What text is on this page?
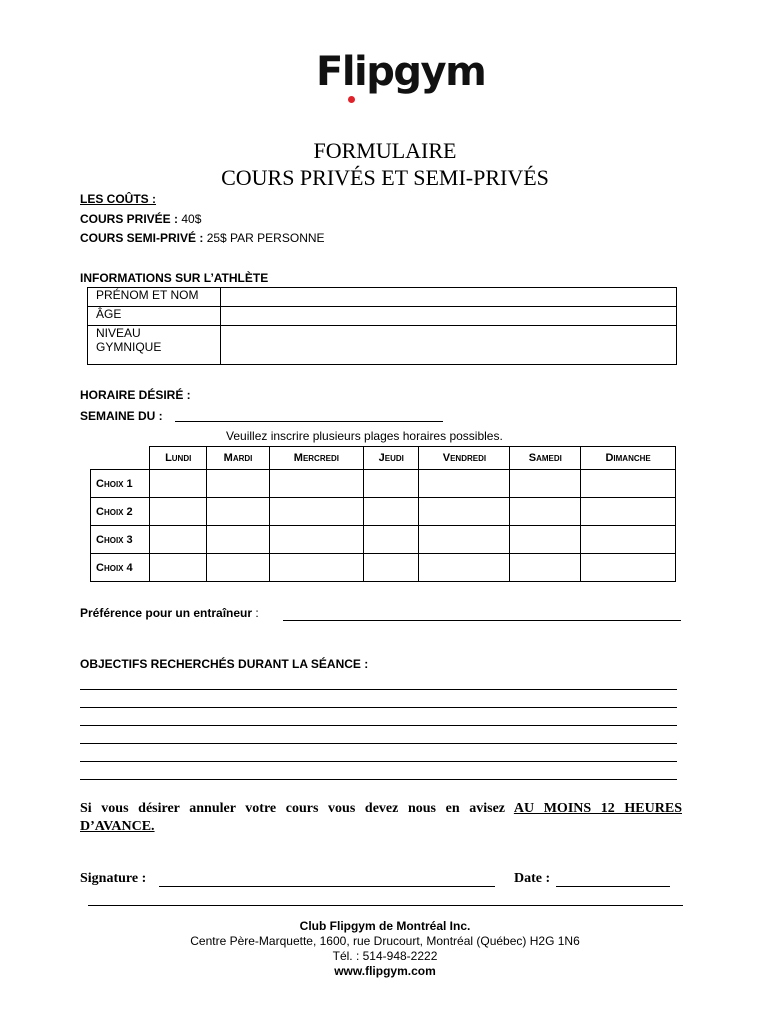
Flipgym
FORMULAIRE
COURS PRIVÉS ET SEMI-PRIVÉS
LES COÛTS :
COURS PRIVÉE : 40$
COURS SEMI-PRIVÉ : 25$ PAR PERSONNE
INFORMATIONS SUR L’ATHLÈTE
PRÉNOM ET NOM	
ÂGE	

NIVEAU
GYMNIQUE	

HORAIRE DÉSIRÉ :
SEMAINE DU :
Veuillez inscrire plusieurs plages horaires possibles.
	Lundi	Mardi	Mercredi	Jeudi	Vendredi	Samedi	Dimanche
Choix 1							
Choix 2							
Choix 3							
Choix 4							
Préférence pour un entraîneur :
OBJECTIFS RECHERCHÉS DURANT LA SÉANCE :
Si vous désirer annuler votre cours vous devez nous en avisez AU MOINS 12 HEURES
D’AVANCE.
Signature :	Date :
Club Flipgym de Montréal Inc.
Centre Père-Marquette, 1600, rue Drucourt, Montréal (Québec) H2G 1N6
Tél. : 514-948-2222
www.flipgym.com
